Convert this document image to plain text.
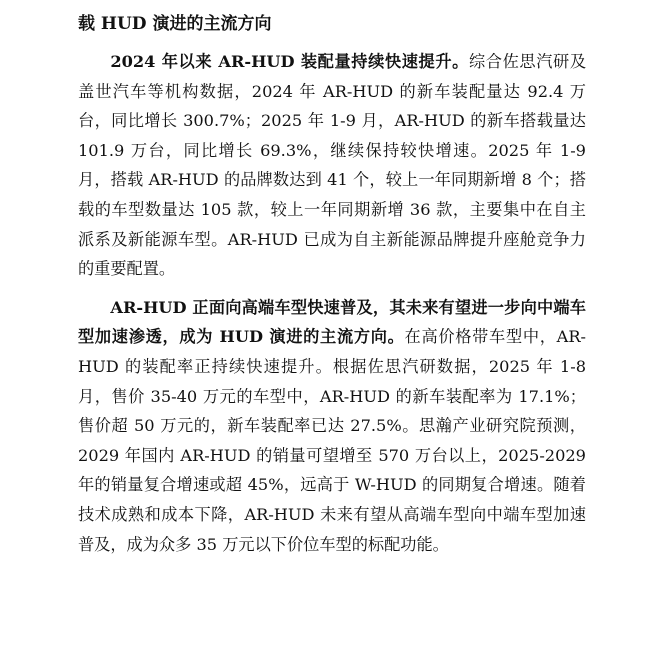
载 HUD 演进的主流方向

2024 年以来 AR-HUD 装配量持续快速提升。综合佐思汽研及盖世汽车等机构数据，2024 年 AR-HUD 的新车装配量达 92.4 万台，同比增长 300.7%；2025 年 1-9 月，AR-HUD 的新车搭载量达 101.9 万台，同比增长 69.3%，继续保持较快增速。2025 年 1-9 月，搭载 AR-HUD 的品牌数达到 41 个，较上一年同期新增 8 个；搭载的车型数量达 105 款，较上一年同期新增 36 款，主要集中在自主派系及新能源车型。AR-HUD 已成为自主新能源品牌提升座舱竞争力的重要配置。

AR-HUD 正面向高端车型快速普及，其未来有望进一步向中端车型加速渗透，成为 HUD 演进的主流方向。在高价格带车型中，AR-HUD 的装配率正持续快速提升。根据佐思汽研数据，2025 年 1-8 月，售价 35-40 万元的车型中，AR-HUD 的新车装配率为 17.1%；售价超 50 万元的，新车装配率已达 27.5%。思瀚产业研究院预测，2029 年国内 AR-HUD 的销量可望增至 570 万台以上，2025-2029 年的销量复合增速或超 45%，远高于 W-HUD 的同期复合增速。随着技术成熟和成本下降，AR-HUD 未来有望从高端车型向中端车型加速普及，成为众多 35 万元以下价位车型的标配功能。
